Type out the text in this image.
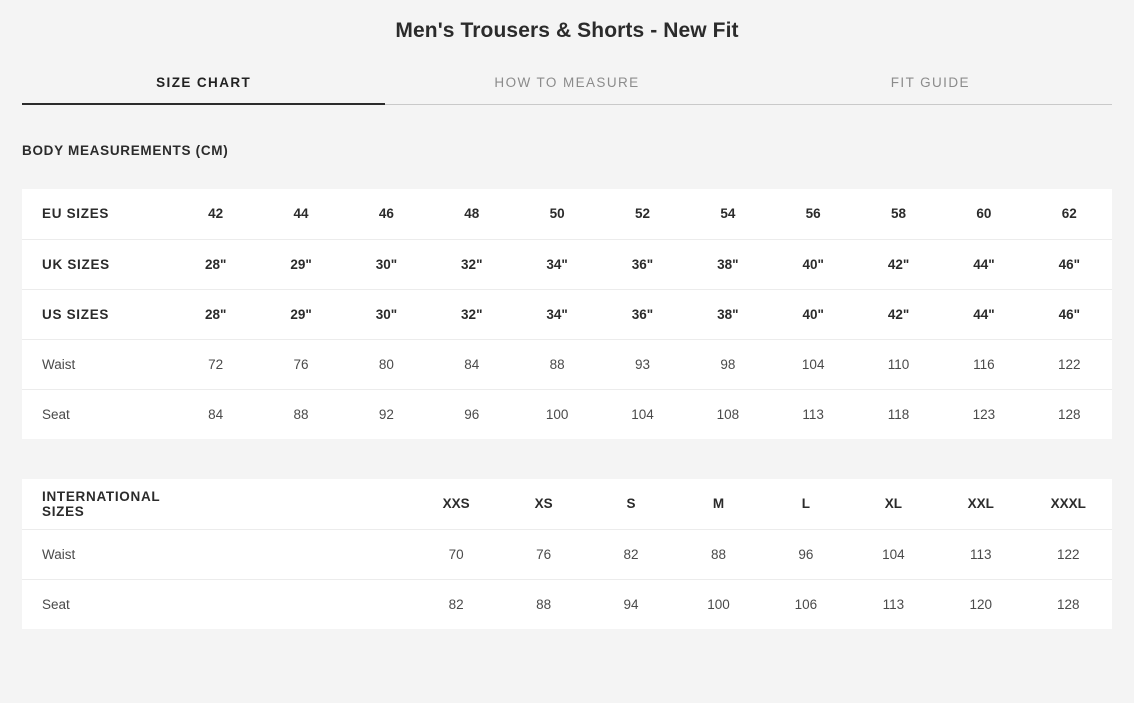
Men's Trousers & Shorts - New Fit
SIZE CHART	HOW TO MEASURE	FIT GUIDE
BODY MEASUREMENTS (CM)
EU SIZES	42	44	46	48	50	52	54	56	58	60	62
UK SIZES	28"	29"	30"	32"	34"	36"	38"	40"	42"	44"	46"
US SIZES	28"	29"	30"	32"	34"	36"	38"	40"	42"	44"	46"
Waist	72	76	80	84	88	93	98	104	110	116	122
Seat	84	88	92	96	100	104	108	113	118	123	128
INTERNATIONAL SIZES			XXS	XS	S	M	L	XL	XXL	XXXL
Waist			70	76	82	88	96	104	113	122
Seat			82	88	94	100	106	113	120	128
